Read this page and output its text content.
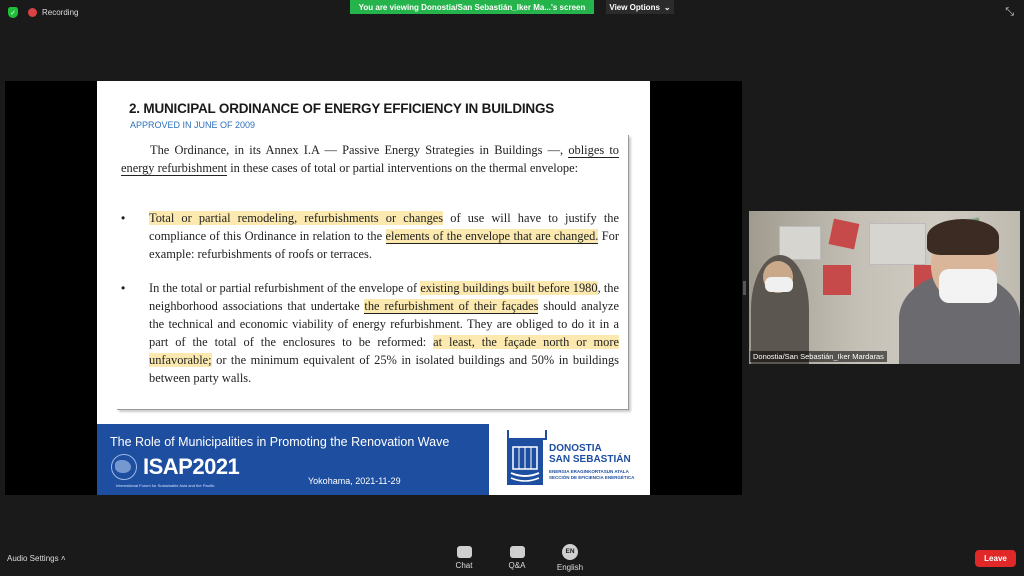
✓	Recording
You are viewing Donostia/San Sebastián_Iker Ma...'s screen	View Options ⌄	⤡
2. MUNICIPAL ORDINANCE OF ENERGY EFFICIENCY IN BUILDINGS
APPROVED IN JUNE OF 2009
The Ordinance, in its Annex I.A — Passive Energy Strategies in Buildings —, obliges to energy refurbishment in these cases of total or partial interventions on the thermal envelope:
• Total or partial remodeling, refurbishments or changes of use will have to justify the compliance of this Ordinance in relation to the elements of the envelope that are changed. For example: refurbishments of roofs or terraces.
• In the total or partial refurbishment of the envelope of existing buildings built before 1980, the neighborhood associations that undertake the refurbishment of their façades should analyze the technical and economic viability of energy refurbishment. They are obliged to do it in a part of the total of the enclosures to be reformed: at least, the façade north or more unfavorable; or the minimum equivalent of 25% in isolated buildings and 50% in buildings between party walls.
The Role of Municipalities in Promoting the Renovation Wave
ISAP2021
International Forum for Sustainable Asia and the Pacific	Yokohama, 2021-11-29
DONOSTIA
SAN SEBASTIÁN
ENERGIA ERAGINKORTASUN ATALA
SECCIÓN DE EFICIENCIA ENERGÉTICA
Donostia/San Sebastián_Iker Mardaras
Audio Settings ˄
Chat	Q&A
EN
English
Leave
